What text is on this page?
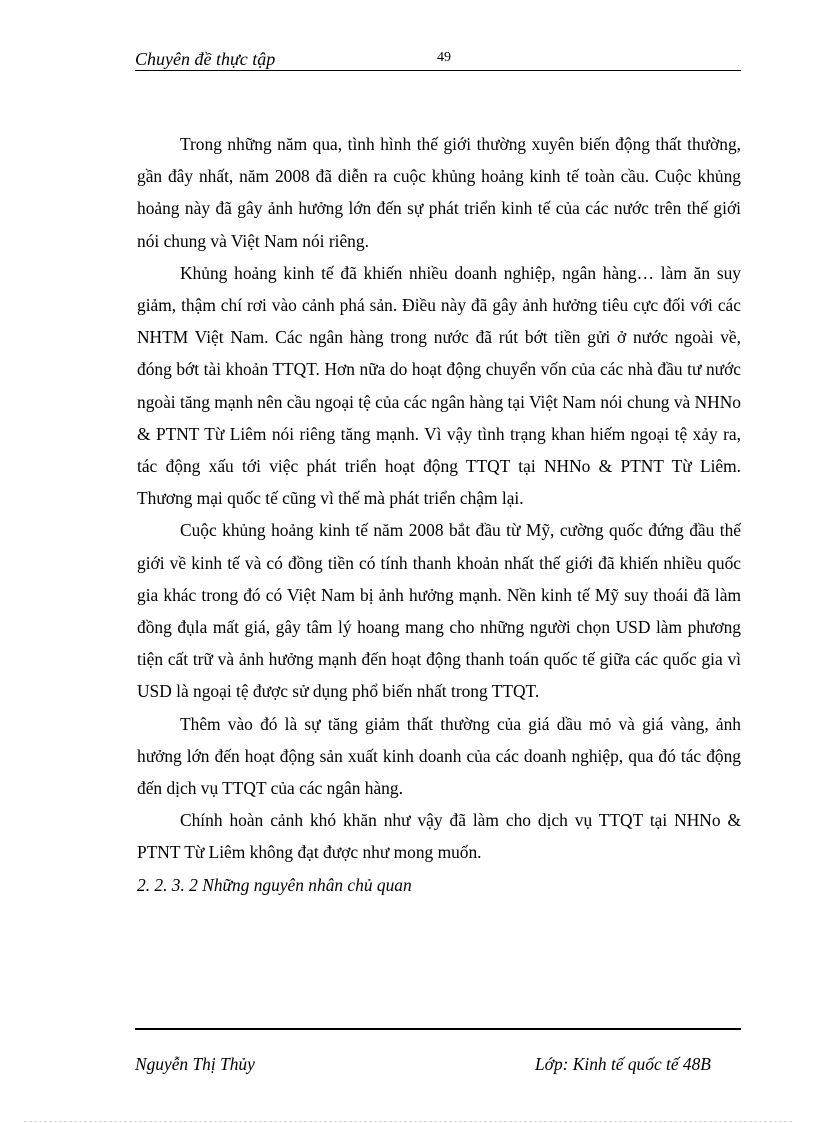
Chuyên đề thực tập	49

Trong những năm qua, tình hình thế giới thường xuyên biến động thất thường, gần đây nhất, năm 2008 đã diễn ra cuộc khủng hoảng kinh tế toàn cầu. Cuộc khủng hoảng này đã gây ảnh hưởng lớn đến sự phát triển kinh tế của các nước trên thế giới nói chung và Việt Nam nói riêng.

Khủng hoảng kinh tế đã khiến nhiều doanh nghiệp, ngân hàng… làm ăn suy giảm, thậm chí rơi vào cảnh phá sản. Điều này đã gây ảnh hưởng tiêu cực đối với các NHTM Việt Nam. Các ngân hàng trong nước đã rút bớt tiền gửi ở nước ngoài về, đóng bớt tài khoản TTQT. Hơn nữa do hoạt động chuyển vốn của các nhà đầu tư nước ngoài tăng mạnh nên cầu ngoại tệ của các ngân hàng tại Việt Nam nói chung và NHNo & PTNT Từ Liêm nói riêng tăng mạnh. Vì vậy tình trạng khan hiếm ngoại tệ xảy ra, tác động xấu tới việc phát triển hoạt động TTQT tại NHNo & PTNT Từ Liêm. Thương mại quốc tế cũng vì thế mà phát triển chậm lại.

Cuộc khủng hoảng kinh tế năm 2008 bắt đầu từ Mỹ, cường quốc đứng đầu thế giới về kinh tế và có đồng tiền có tính thanh khoản nhất thế giới đã khiến nhiều quốc gia khác trong đó có Việt Nam bị ảnh hưởng mạnh. Nền kinh tế Mỹ suy thoái đã làm đồng đụla mất giá, gây tâm lý hoang mang cho những người chọn USD làm phương tiện cất trữ và ảnh hưởng mạnh đến hoạt động thanh toán quốc tế giữa các quốc gia vì USD là ngoại tệ được sử dụng phổ biến nhất trong TTQT.

Thêm vào đó là sự tăng giảm thất thường của giá dầu mỏ và giá vàng, ảnh hưởng lớn đến hoạt động sản xuất kinh doanh của các doanh nghiệp, qua đó tác động đến dịch vụ TTQT của các ngân hàng.

Chính hoàn cảnh khó khăn như vậy đã làm cho dịch vụ TTQT tại NHNo & PTNT Từ Liêm không đạt được như mong muốn.

2. 2. 3. 2 Những nguyên nhân chủ quan

Nguyễn Thị Thủy	Lớp: Kinh tế quốc tế 48B
